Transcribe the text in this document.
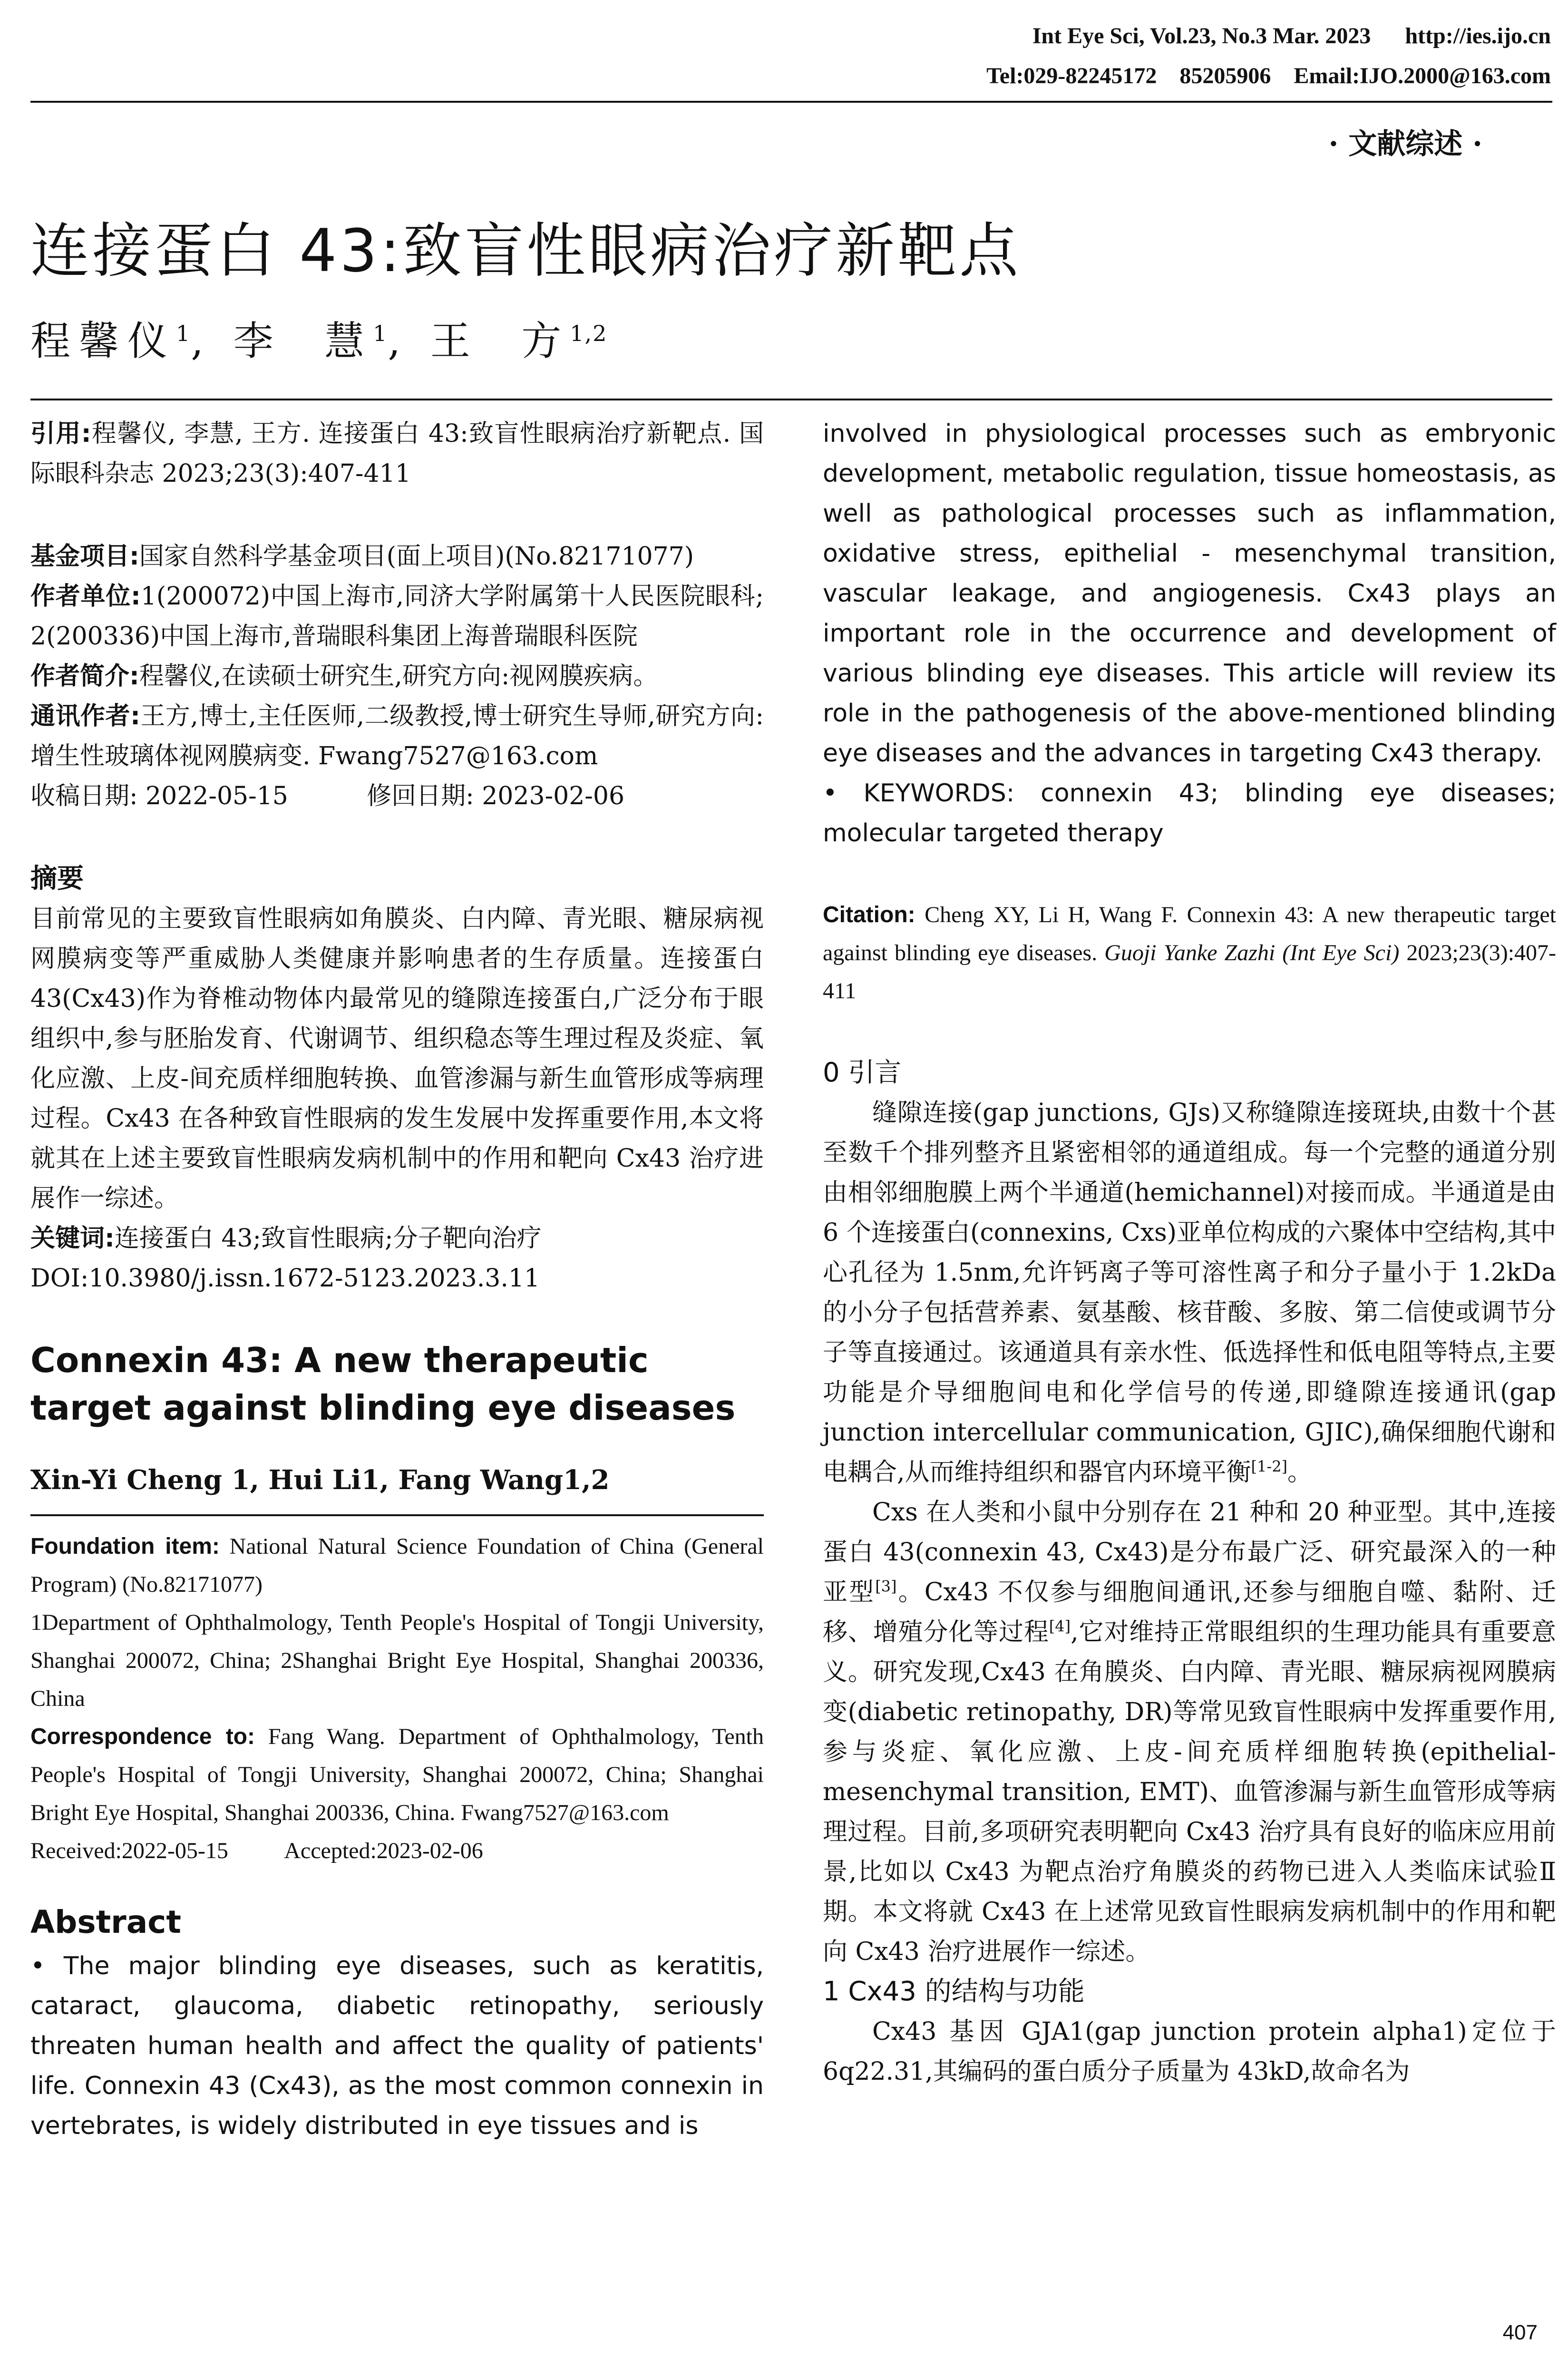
Int Eye Sci, Vol.23, No.3 Mar. 2023      http://ies.ijo.cn
Tel:029-82245172    85205906    Email:IJO.2000@163.com
· 文献综述 ·
连接蛋白 43:致盲性眼病治疗新靶点
程馨仪$^1$, 李  慧$^1$, 王  方$^{1,2}$

引用:程馨仪, 李慧, 王方. 连接蛋白 43:致盲性眼病治疗新靶点. 国际眼科杂志 2023;23(3):407-411

基金项目:国家自然科学基金项目(面上项目)(No.82171077)

作者单位:1(200072)中国上海市,同济大学附属第十人民医院眼科; 2(200336)中国上海市,普瑞眼科集团上海普瑞眼科医院

作者简介:程馨仪,在读硕士研究生,研究方向:视网膜疾病。

通讯作者:王方,博士,主任医师,二级教授,博士研究生导师,研究方向:增生性玻璃体视网膜病变. Fwang7527@163.com

收稿日期: 2022-05-15	修回日期: 2023-02-06

摘要

目前常见的主要致盲性眼病如角膜炎、白内障、青光眼、糖尿病视网膜病变等严重威胁人类健康并影响患者的生存质量。连接蛋白 43(Cx43)作为脊椎动物体内最常见的缝隙连接蛋白,广泛分布于眼组织中,参与胚胎发育、代谢调节、组织稳态等生理过程及炎症、氧化应激、上皮-间充质样细胞转换、血管渗漏与新生血管形成等病理过程。Cx43 在各种致盲性眼病的发生发展中发挥重要作用,本文将就其在上述主要致盲性眼病发病机制中的作用和靶向 Cx43 治疗进展作一综述。

关键词:连接蛋白 43;致盲性眼病;分子靶向治疗

DOI:10.3980/j.issn.1672-5123.2023.3.11

Connexin 43: A new therapeutic target against blinding eye diseases
Xin-Yi Cheng 1, Hui Li1, Fang Wang1,2

Foundation item: National Natural Science Foundation of China (General Program) (No.82171077)

1Department of Ophthalmology, Tenth People's Hospital of Tongji University, Shanghai 200072, China; 2Shanghai Bright Eye Hospital, Shanghai 200336, China

Correspondence to: Fang Wang. Department of Ophthalmology, Tenth People's Hospital of Tongji University, Shanghai 200072, China; Shanghai Bright Eye Hospital, Shanghai 200336, China. Fwang7527@163.com

Received:2022-05-15 Accepted:2023-02-06

Abstract

• The major blinding eye diseases, such as keratitis, cataract, glaucoma, diabetic retinopathy, seriously threaten human health and affect the quality of patients' life. Connexin 43 (Cx43), as the most common connexin in vertebrates, is widely distributed in eye tissues and is

involved in physiological processes such as embryonic development, metabolic regulation, tissue homeostasis, as well as pathological processes such as inflammation, oxidative stress, epithelial - mesenchymal transition, vascular leakage, and angiogenesis. Cx43 plays an important role in the occurrence and development of various blinding eye diseases. This article will review its role in the pathogenesis of the above-mentioned blinding eye diseases and the advances in targeting Cx43 therapy.

• KEYWORDS: connexin 43; blinding eye diseases; molecular targeted therapy

Citation: Cheng XY, Li H, Wang F. Connexin 43: A new therapeutic target against blinding eye diseases. Guoji Yanke Zazhi (Int Eye Sci) 2023;23(3):407-411

0 引言

缝隙连接(gap junctions, GJs)又称缝隙连接斑块,由数十个甚至数千个排列整齐且紧密相邻的通道组成。每一个完整的通道分别由相邻细胞膜上两个半通道(hemichannel)对接而成。半通道是由 6 个连接蛋白(connexins, Cxs)亚单位构成的六聚体中空结构,其中心孔径为 1.5nm,允许钙离子等可溶性离子和分子量小于 1.2kDa的小分子包括营养素、氨基酸、核苷酸、多胺、第二信使或调节分子等直接通过。该通道具有亲水性、低选择性和低电阻等特点,主要功能是介导细胞间电和化学信号的传递,即缝隙连接通讯(gap junction intercellular communication, GJIC),确保细胞代谢和电耦合,从而维持组织和器官内环境平衡[1-2]。

Cxs 在人类和小鼠中分别存在 21 种和 20 种亚型。其中,连接蛋白 43(connexin 43, Cx43)是分布最广泛、研究最深入的一种亚型[3]。Cx43 不仅参与细胞间通讯,还参与细胞自噬、黏附、迁移、增殖分化等过程[4],它对维持正常眼组织的生理功能具有重要意义。研究发现,Cx43 在角膜炎、白内障、青光眼、糖尿病视网膜病变(diabetic retinopathy, DR)等常见致盲性眼病中发挥重要作用,参与炎症、氧化应激、上皮-间充质样细胞转换(epithelial-mesenchymal transition, EMT)、血管渗漏与新生血管形成等病理过程。目前,多项研究表明靶向 Cx43 治疗具有良好的临床应用前景,比如以 Cx43 为靶点治疗角膜炎的药物已进入人类临床试验Ⅱ期。本文将就 Cx43 在上述常见致盲性眼病发病机制中的作用和靶向 Cx43 治疗进展作一综述。

1 Cx43 的结构与功能

Cx43 基因 GJA1(gap junction protein alpha1)定位于 6q22.31,其编码的蛋白质分子质量为 43kD,故命名为

407
